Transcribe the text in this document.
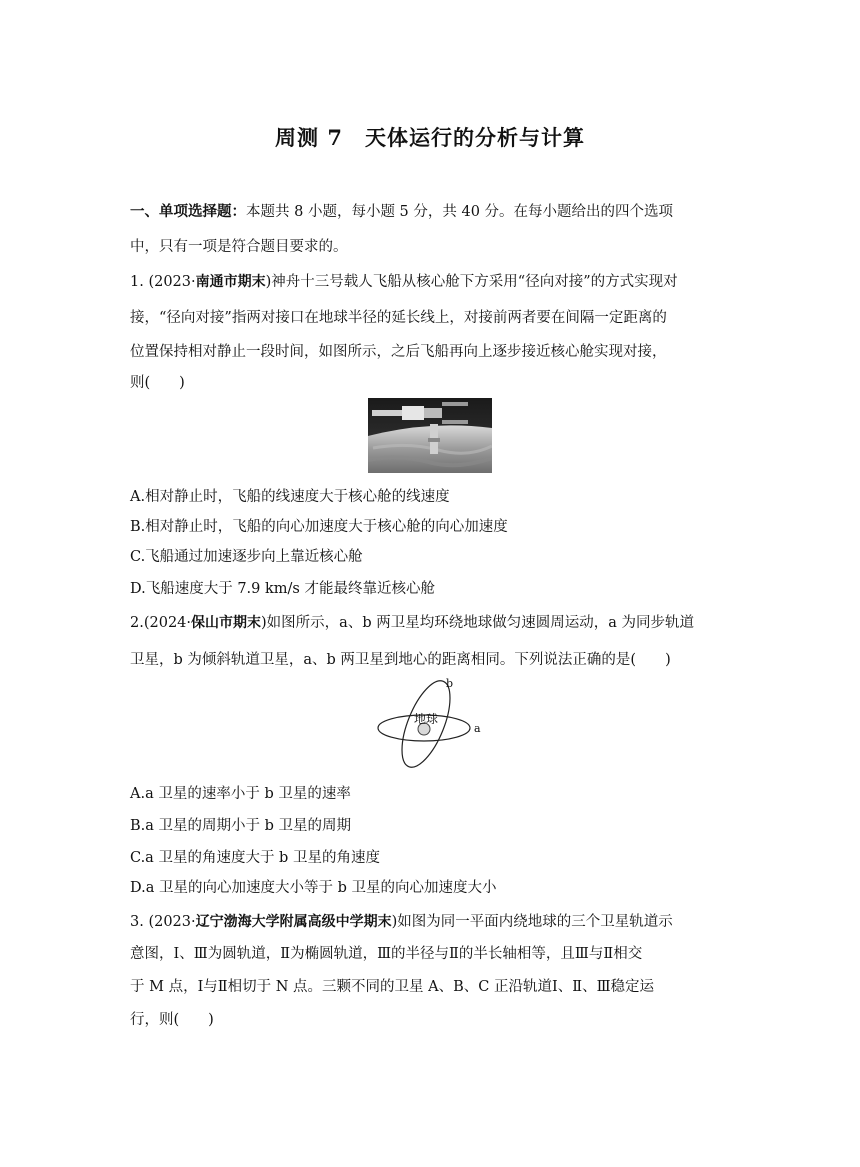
周测 7　天体运行的分析与计算
一、单项选择题：本题共 8 小题，每小题 5 分，共 40 分。在每小题给出的四个选项
中，只有一项是符合题目要求的。
1. (2023·南通市期末)神舟十三号载人飞船从核心舱下方采用“径向对接”的方式实现对
接，“径向对接”指两对接口在地球半径的延长线上，对接前两者要在间隔一定距离的
位置保持相对静止一段时间，如图所示，之后飞船再向上逐步接近核心舱实现对接，
则(　　)
A.相对静止时，飞船的线速度大于核心舱的线速度
B.相对静止时，飞船的向心加速度大于核心舱的向心加速度
C.飞船通过加速逐步向上靠近核心舱
D.飞船速度大于 7.9 km/s 才能最终靠近核心舱
2.(2024·保山市期末)如图所示，a、b 两卫星均环绕地球做匀速圆周运动，a 为同步轨道
卫星，b 为倾斜轨道卫星，a、b 两卫星到地心的距离相同。下列说法正确的是(　　)
地球
a
b
A.a 卫星的速率小于 b 卫星的速率
B.a 卫星的周期小于 b 卫星的周期
C.a 卫星的角速度大于 b 卫星的角速度
D.a 卫星的向心加速度大小等于 b 卫星的向心加速度大小
3. (2023·辽宁渤海大学附属高级中学期末)如图为同一平面内绕地球的三个卫星轨道示
意图，Ⅰ、Ⅲ为圆轨道，Ⅱ为椭圆轨道，Ⅲ的半径与Ⅱ的半长轴相等，且Ⅲ与Ⅱ相交
于 M 点，Ⅰ与Ⅱ相切于 N 点。三颗不同的卫星 A、B、C 正沿轨道Ⅰ、Ⅱ、Ⅲ稳定运
行，则(　　)
